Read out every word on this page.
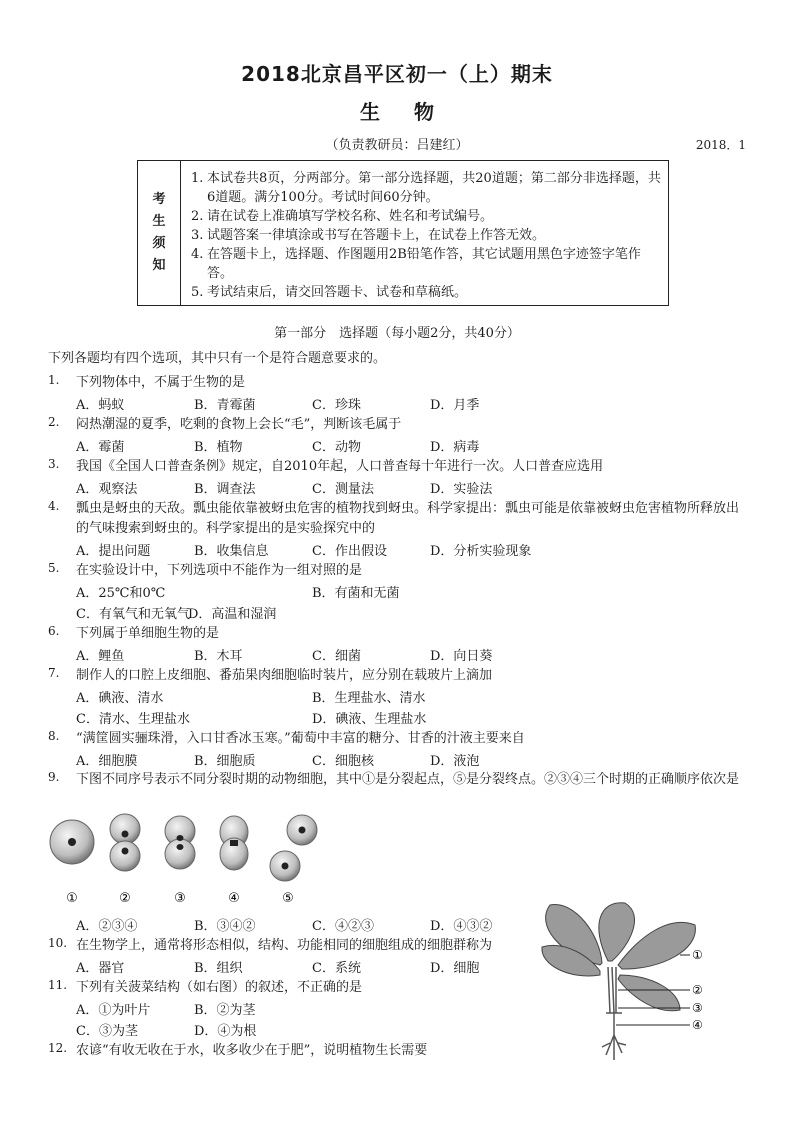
2018北京昌平区初一（上）期末
生物
（负责教研员：吕建红）	2018．1
考
生
须
知
1. 本试卷共8页，分两部分。第一部分选择题，共20道题；第二部分非选择题，共6道题。满分100分。考试时间60分钟。
2. 请在试卷上准确填写学校名称、姓名和考试编号。
3. 试题答案一律填涂或书写在答题卡上，在试卷上作答无效。
4. 在答题卡上，选择题、作图题用2B铅笔作答，其它试题用黑色字迹签字笔作答。
5. 考试结束后，请交回答题卡、试卷和草稿纸。
第一部分　选择题（每小题2分，共40分）
下列各题均有四个选项，其中只有一个是符合题意要求的。
1. 下列物体中，不属于生物的是
A．蚂蚁	B．青霉菌	C．珍珠	D．月季
2. 闷热潮湿的夏季，吃剩的食物上会长“毛”，判断该毛属于
A．霉菌	B．植物	C．动物	D．病毒
3. 我国《全国人口普查条例》规定，自2010年起，人口普查每十年进行一次。人口普查应选用
A．观察法	B．调查法	C．测量法	D．实验法
4. 瓢虫是蚜虫的天敌。瓢虫能依靠被蚜虫危害的植物找到蚜虫。科学家提出：瓢虫可能是依靠被蚜虫危害植物所释放出的气味搜索到蚜虫的。科学家提出的是实验探究中的
A．提出问题	B．收集信息	C．作出假设	D．分析实验现象
5. 在实验设计中，下列选项中不能作为一组对照的是
A．25℃和0℃	B．有菌和无菌
C．有氧气和无氧气
D．高温和湿润
6. 下列属于单细胞生物的是
A．鲤鱼	B．木耳	C．细菌	D．向日葵
7. 制作人的口腔上皮细胞、番茄果肉细胞临时装片，应分别在载玻片上滴加
A．碘液、清水	B．生理盐水、清水
C．清水、生理盐水	D．碘液、生理盐水
8. “满筐圆实骊珠滑，入口甘香冰玉寒。”葡萄中丰富的糖分、甘香的汁液主要来自
A．细胞膜	B．细胞质	C．细胞核	D．液泡
9. 下图不同序号表示不同分裂时期的动物细胞，其中①是分裂起点，⑤是分裂终点。②③④三个时期的正确顺序依次是
①	②	③	④	⑤
A．②③④	B．③④②	C．④②③	D．④③②
10. 在生物学上，通常将形态相似，结构、功能相同的细胞组成的细胞群称为
A．器官	B．组织	C．系统	D．细胞
11. 下列有关菠菜结构（如右图）的叙述，不正确的是
A．①为叶片	B．②为茎
C．③为茎	D．④为根
12. 农谚“有收无收在于水，收多收少在于肥”，说明植物生长需要
①
②
③
④
